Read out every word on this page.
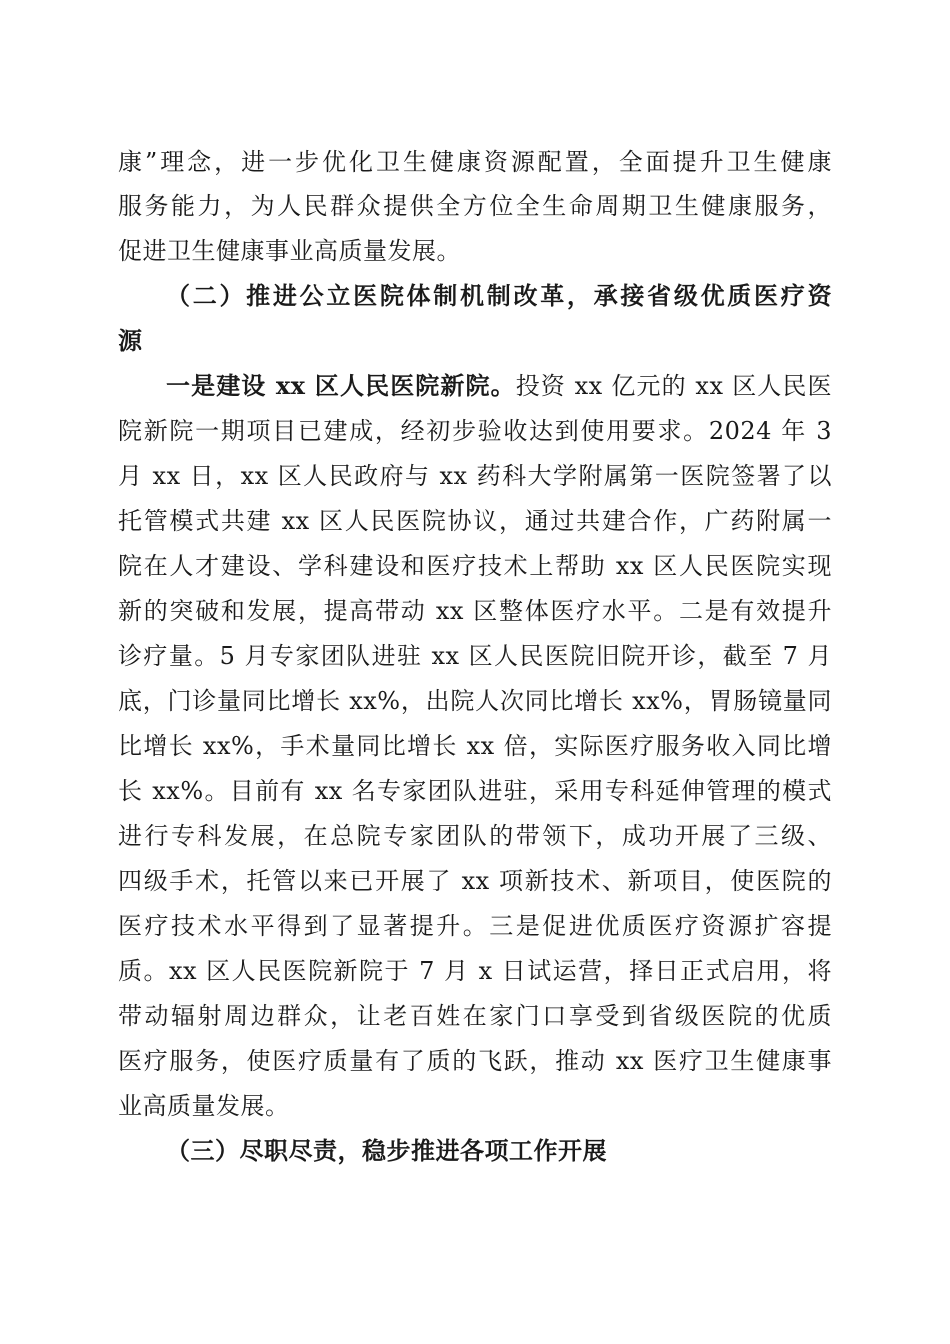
康”理念，进一步优化卫生健康资源配置，全面提升卫生健康

服务能力，为人民群众提供全方位全生命周期卫生健康服务，

促进卫生健康事业高质量发展。

（二）推进公立医院体制机制改革，承接省级优质医疗资

源

一是建设 xx 区人民医院新院。投资 xx 亿元的 xx 区人民医

院新院一期项目已建成，经初步验收达到使用要求。2024 年 3

月 xx 日，xx 区人民政府与 xx 药科大学附属第一医院签署了以

托管模式共建 xx 区人民医院协议，通过共建合作，广药附属一

院在人才建设、学科建设和医疗技术上帮助 xx 区人民医院实现

新的突破和发展，提高带动 xx 区整体医疗水平。二是有效提升

诊疗量。5 月专家团队进驻 xx 区人民医院旧院开诊，截至 7 月

底，门诊量同比增长 xx%，出院人次同比增长 xx%，胃肠镜量同

比增长 xx%，手术量同比增长 xx 倍，实际医疗服务收入同比增

长 xx%。目前有 xx 名专家团队进驻，采用专科延伸管理的模式

进行专科发展，在总院专家团队的带领下，成功开展了三级、

四级手术，托管以来已开展了 xx 项新技术、新项目，使医院的

医疗技术水平得到了显著提升。三是促进优质医疗资源扩容提

质。xx 区人民医院新院于 7 月 x 日试运营，择日正式启用，将

带动辐射周边群众，让老百姓在家门口享受到省级医院的优质

医疗服务，使医疗质量有了质的飞跃，推动 xx 医疗卫生健康事

业高质量发展。

（三）尽职尽责，稳步推进各项工作开展
